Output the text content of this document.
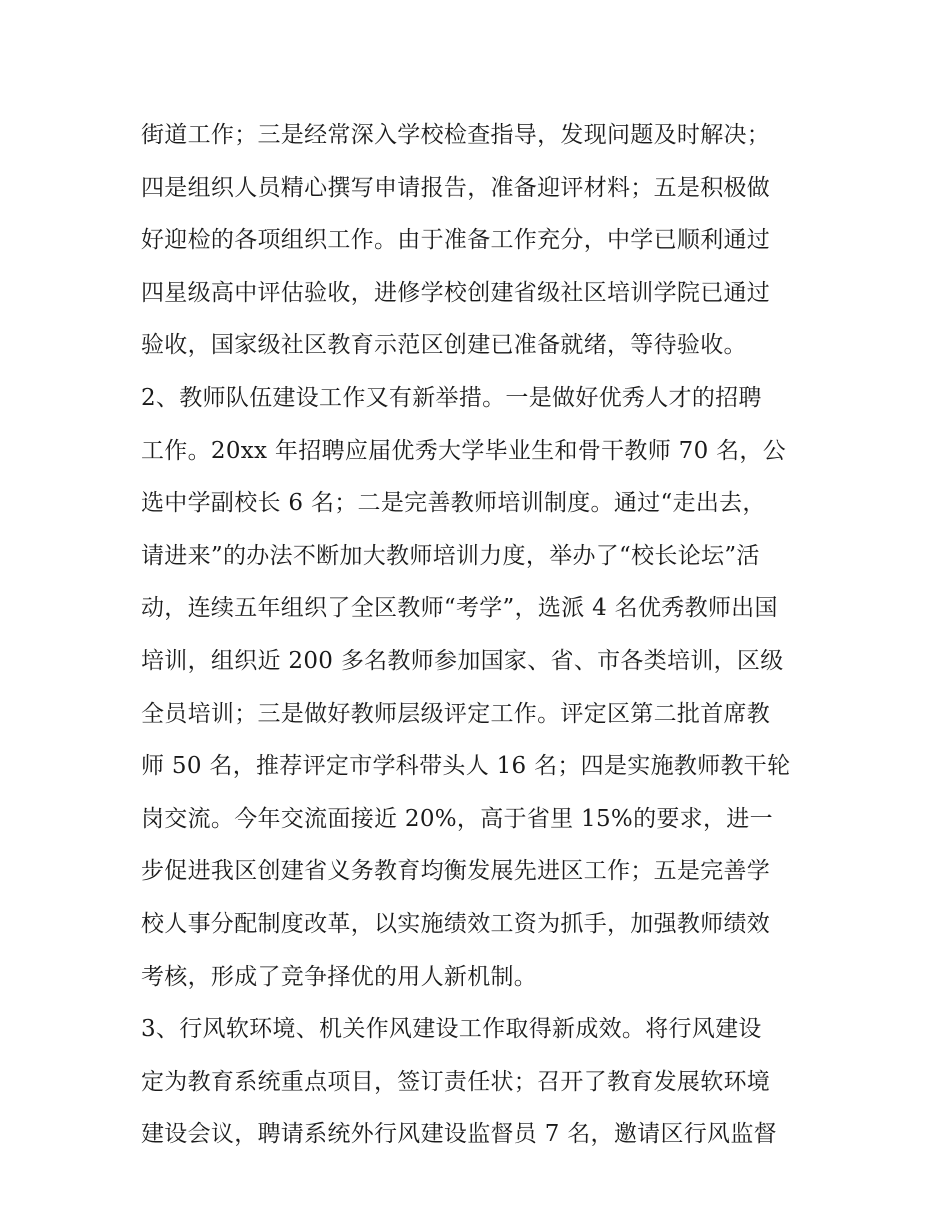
街道工作；三是经常深入学校检查指导，发现问题及时解决；
四是组织人员精心撰写申请报告，准备迎评材料；五是积极做
好迎检的各项组织工作。由于准备工作充分，中学已顺利通过
四星级高中评估验收，进修学校创建省级社区培训学院已通过
验收，国家级社区教育示范区创建已准备就绪，等待验收。
2、教师队伍建设工作又有新举措。一是做好优秀人才的招聘
工作。20xx 年招聘应届优秀大学毕业生和骨干教师 70 名，公
选中学副校长 6 名；二是完善教师培训制度。通过“走出去，
请进来”的办法不断加大教师培训力度，举办了“校长论坛”活
动，连续五年组织了全区教师“考学”，选派 4 名优秀教师出国
培训，组织近 200 多名教师参加国家、省、市各类培训，区级
全员培训；三是做好教师层级评定工作。评定区第二批首席教
师 50 名，推荐评定市学科带头人 16 名；四是实施教师教干轮
岗交流。今年交流面接近 20%，高于省里 15%的要求，进一
步促进我区创建省义务教育均衡发展先进区工作；五是完善学
校人事分配制度改革，以实施绩效工资为抓手，加强教师绩效
考核，形成了竞争择优的用人新机制。
3、行风软环境、机关作风建设工作取得新成效。将行风建设
定为教育系统重点项目，签订责任状；召开了教育发展软环境
建设会议，聘请系统外行风建设监督员 7 名，邀请区行风监督
